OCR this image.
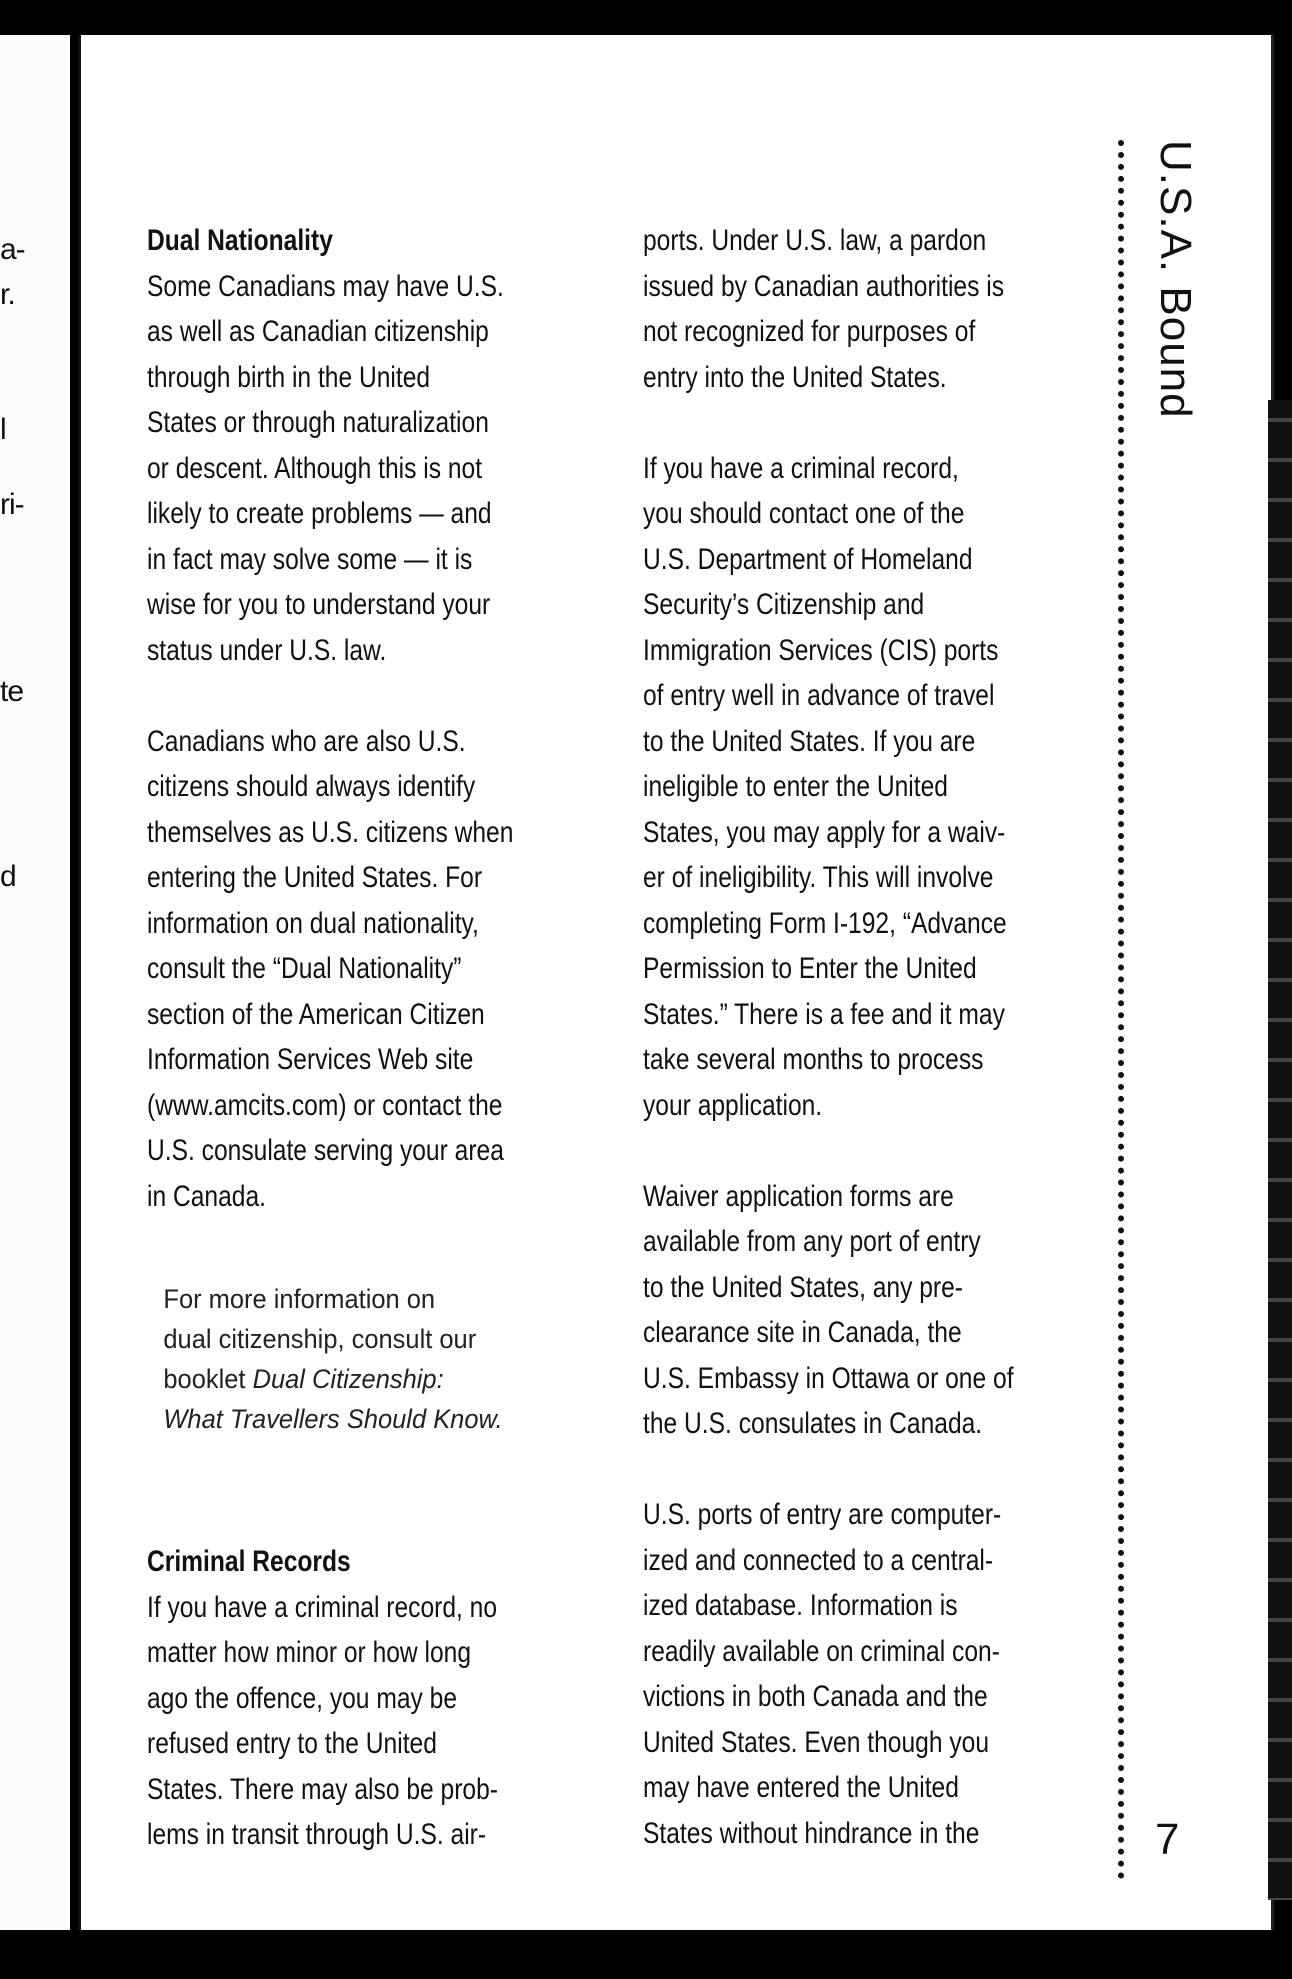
a-
r.
l
ri-
te
d
Dual Nationality

Some Canadians may have U.S.
as well as Canadian citizenship
through birth in the United
States or through naturalization
or descent. Although this is not
likely to create problems — and
in fact may solve some — it is
wise for you to understand your
status under U.S. law.

Canadians who are also U.S.
citizens should always identify
themselves as U.S. citizens when
entering the United States. For
information on dual nationality,
consult the “Dual Nationality”
section of the American Citizen
Information Services Web site
(www.amcits.com) or contact the
U.S. consulate serving your area
in Canada.

For more information on
dual citizenship, consult our
booklet Dual Citizenship:
What Travellers Should Know.
Criminal Records

If you have a criminal record, no
matter how minor or how long
ago the offence, you may be
refused entry to the United
States. There may also be prob-
lems in transit through U.S. air-

ports. Under U.S. law, a pardon
issued by Canadian authorities is
not recognized for purposes of
entry into the United States.

If you have a criminal record,
you should contact one of the
U.S. Department of Homeland
Security’s Citizenship and
Immigration Services (CIS) ports
of entry well in advance of travel
to the United States. If you are
ineligible to enter the United
States, you may apply for a waiv-
er of ineligibility. This will involve
completing Form I-192, “Advance
Permission to Enter the United
States.” There is a fee and it may
take several months to process
your application.

Waiver application forms are
available from any port of entry
to the United States, any pre-
clearance site in Canada, the
U.S. Embassy in Ottawa or one of
the U.S. consulates in Canada.

U.S. ports of entry are computer-
ized and connected to a central-
ized database. Information is
readily available on criminal con-
victions in both Canada and the
United States. Even though you
may have entered the United
States without hindrance in the

U.S.A. Bound
7
